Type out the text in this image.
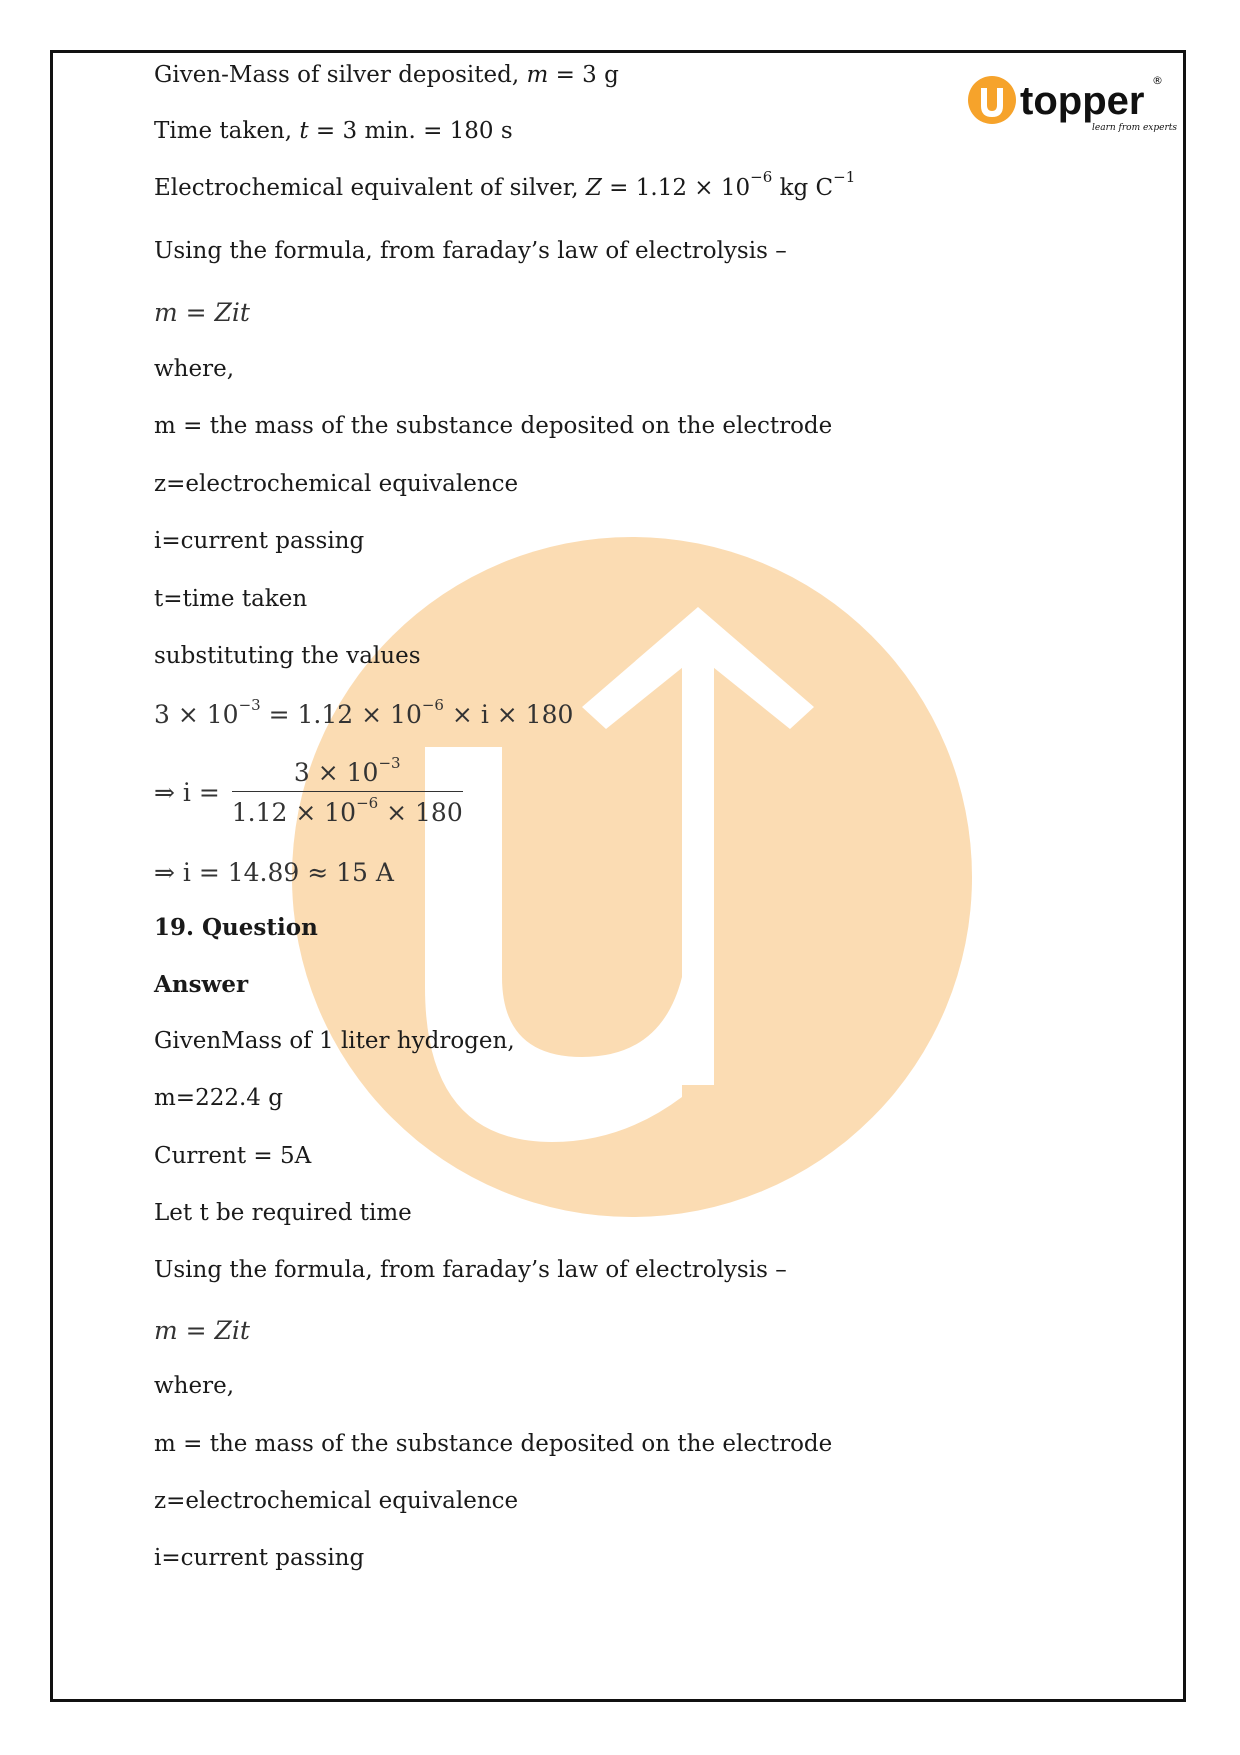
topper ®
learn from experts
Given-Mass of silver deposited, m = 3 g
Time taken, t = 3 min. = 180 s
Electrochemical equivalent of silver, $Z = 1.12 \times 10^{-6}$ kg $C^{-1}$
Using the formula, from faraday’s law of electrolysis –
m = Zit
where,
m = the mass of the substance deposited on the electrode
z=electrochemical equivalence
i=current passing
t=time taken
substituting the values
$3 \times 10^{-3} = 1.12 \times 10^{-6} \times i \times 180$
⇒ $i = \frac{3 \times 10^{-3}}{1.12 \times 10^{-6} \times 180}$
⇒ i = 14.89 ≈ 15 A
19. Question
Answer
GivenMass of 1 liter hydrogen,
m=222.4 g
Current = 5A
Let t be required time
Using the formula, from faraday’s law of electrolysis –
m = Zit
where,
m = the mass of the substance deposited on the electrode
z=electrochemical equivalence
i=current passing
